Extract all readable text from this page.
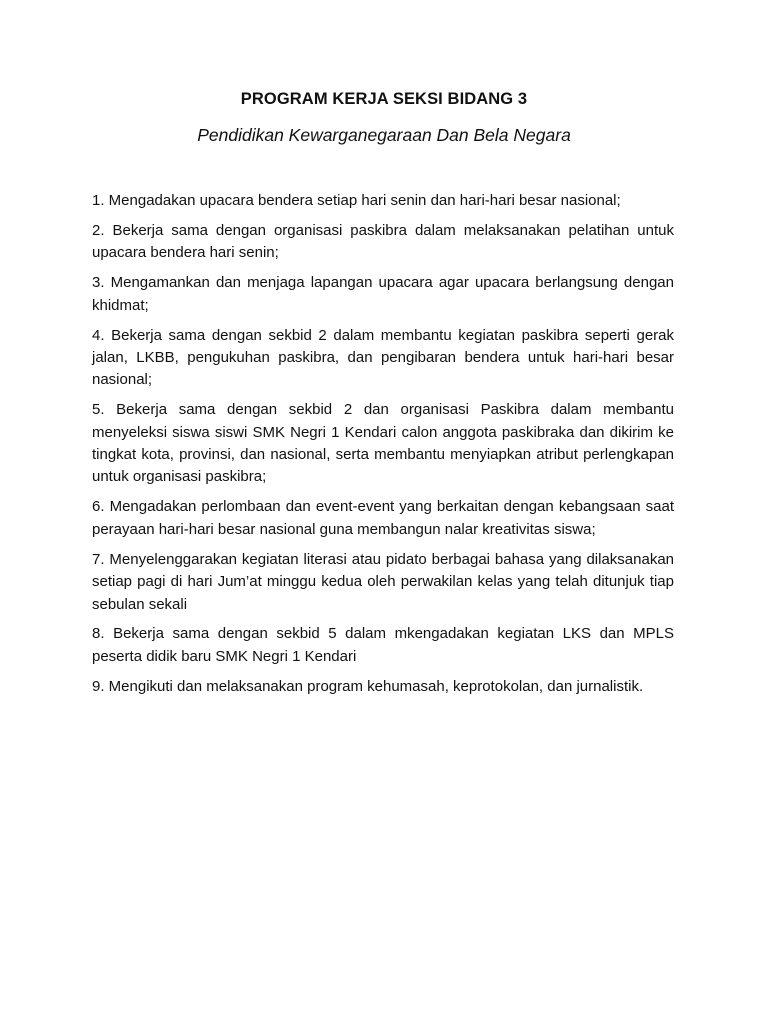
PROGRAM KERJA SEKSI BIDANG 3
Pendidikan Kewarganegaraan Dan Bela Negara
1. Mengadakan upacara bendera setiap hari senin dan hari-hari besar nasional;
2. Bekerja sama dengan organisasi paskibra dalam melaksanakan pelatihan untuk upacara bendera hari senin;
3. Mengamankan dan menjaga lapangan upacara agar upacara berlangsung dengan khidmat;
4. Bekerja sama dengan sekbid 2 dalam membantu kegiatan paskibra seperti gerak jalan, LKBB, pengukuhan paskibra, dan pengibaran bendera untuk hari-hari besar nasional;
5. Bekerja sama dengan sekbid 2 dan organisasi Paskibra dalam membantu menyeleksi siswa siswi SMK Negri 1 Kendari calon anggota paskibraka dan dikirim ke tingkat kota, provinsi, dan nasional, serta membantu menyiapkan atribut perlengkapan untuk organisasi paskibra;
6. Mengadakan perlombaan dan event-event yang berkaitan dengan kebangsaan saat perayaan hari-hari besar nasional guna membangun nalar kreativitas siswa;
7. Menyelenggarakan kegiatan literasi atau pidato berbagai bahasa yang dilaksanakan setiap pagi di hari Jum’at minggu kedua oleh perwakilan kelas yang telah ditunjuk tiap sebulan sekali
8. Bekerja sama dengan sekbid 5 dalam mkengadakan kegiatan LKS dan MPLS peserta didik baru SMK Negri 1 Kendari
9. Mengikuti dan melaksanakan program kehumasah, keprotokolan, dan jurnalistik.
